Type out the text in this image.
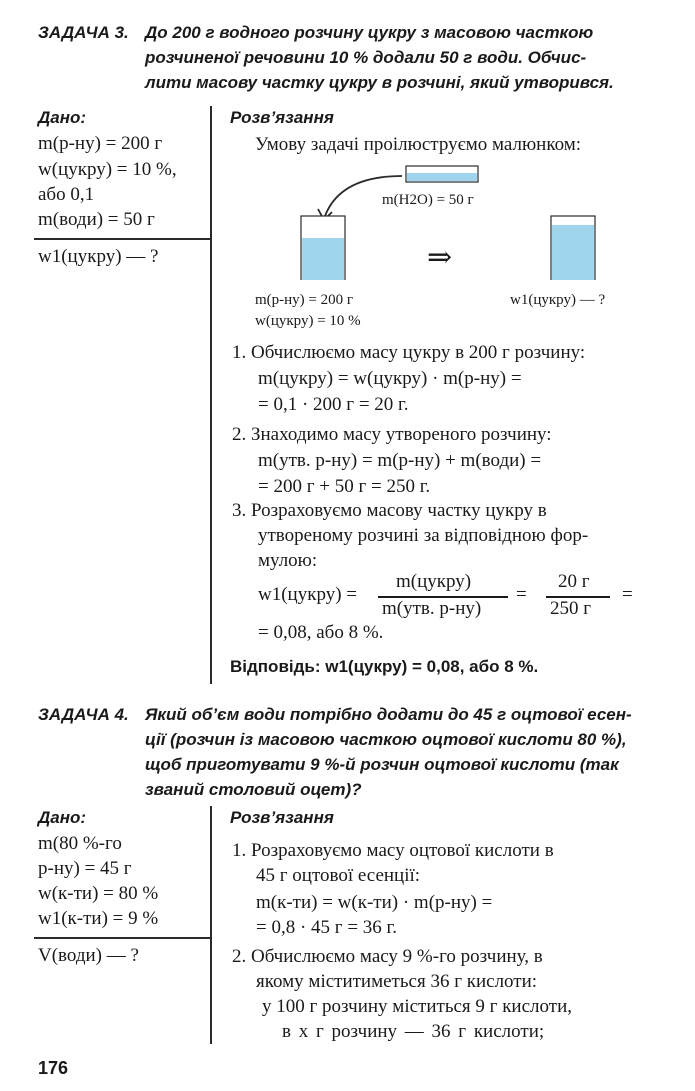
ЗАДАЧА 3. До 200 г водного розчину цукру з масовою часткою
розчиненої речовини 10 % додали 50 г води. Обчис-
лити масову частку цукру в розчині, який утворився.
Дано:
m(р-ну) = 200 г
w(цукру) = 10 %,
або 0,1
m(води) = 50 г
w1(цукру) — ?
Розв’язання
Умову задачі проілюструємо малюнком:
m(H2O) = 50 г
⇒
m(р-ну) = 200 г
w(цукру) = 10 %
w1(цукру) — ?
1. Обчислюємо масу цукру в 200 г розчину:
m(цукру) = w(цукру) · m(р-ну) =
= 0,1 · 200 г = 20 г.
2. Знаходимо масу утвореного розчину:
m(утв. р-ну) = m(р-ну) + m(води) =
= 200 г + 50 г = 250 г.
3. Розраховуємо масову частку цукру в
утвореному розчині за відповідною фор-
мулою:
w1(цукру) =
m(цукру)
m(утв. р-ну)
=
20 г
250 г
=
= 0,08, або 8 %.
Відповідь: w1(цукру) = 0,08, або 8 %.
ЗАДАЧА 4. Який об’єм води потрібно додати до 45 г оцтової есен-
ції (розчин із масовою часткою оцтової кислоти 80 %),
щоб приготувати 9 %-й розчин оцтової кислоти (так
званий столовий оцет)?
Дано:
m(80 %-го
р-ну) = 45 г
w(к-ти) = 80 %
w1(к-ти) = 9 %
V(води) — ?
Розв’язання
1. Розраховуємо масу оцтової кислоти в
45 г оцтової есенції:
m(к-ти) = w(к-ти) · m(р-ну) =
= 0,8 · 45 г = 36 г.
2. Обчислюємо масу 9 %-го розчину, в
якому міститиметься 36 г кислоти:
у 100 г розчину міститься 9 г кислоти,
в x г розчину — 36 г кислоти;
176
